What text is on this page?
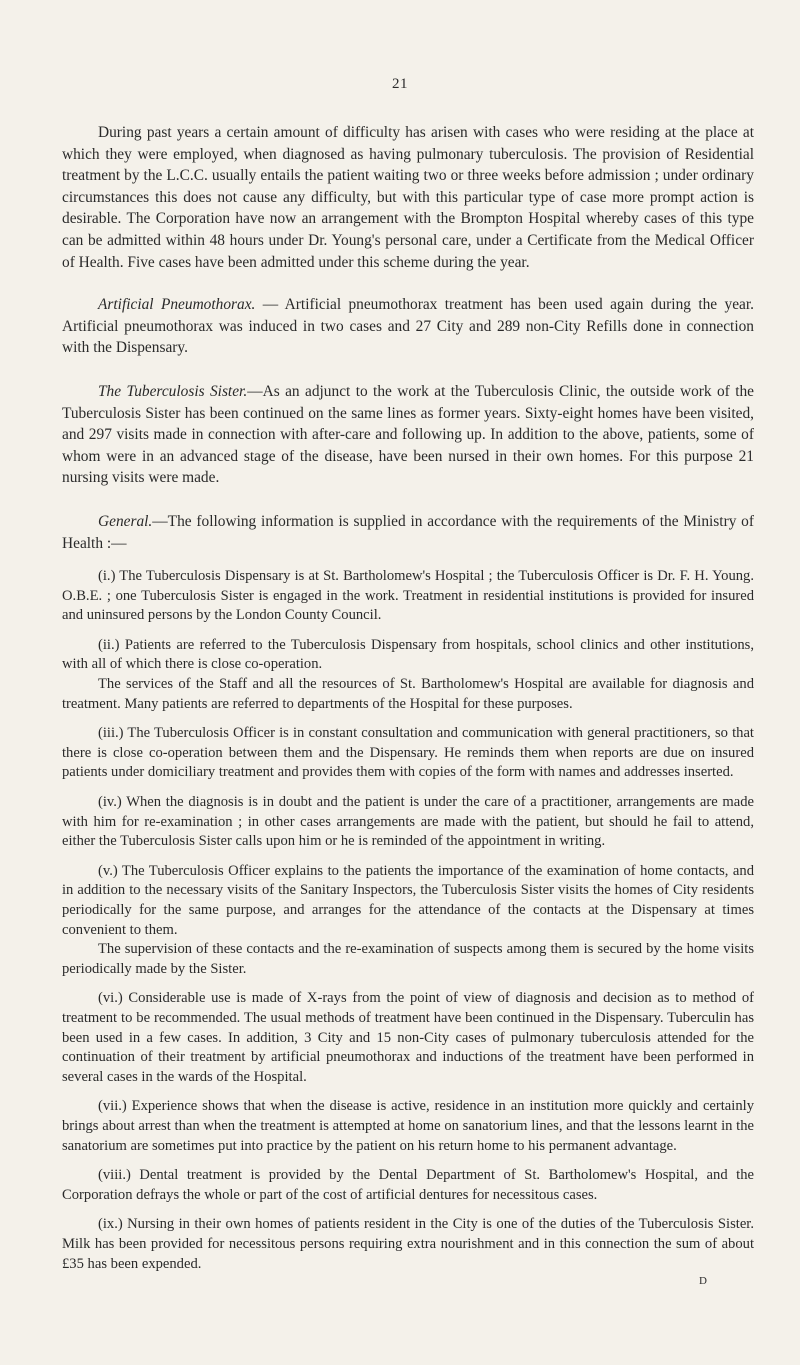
21

During past years a certain amount of difficulty has arisen with cases who were residing at the place at which they were employed, when diagnosed as having pulmonary tuberculosis. The provision of Residential treatment by the L.C.C. usually entails the patient waiting two or three weeks before admission ; under ordinary circumstances this does not cause any difficulty, but with this particular type of case more prompt action is desirable. The Corporation have now an arrangement with the Brompton Hospital whereby cases of this type can be admitted within 48 hours under Dr. Young's personal care, under a Certificate from the Medical Officer of Health. Five cases have been admitted under this scheme during the year.

Artificial Pneumothorax. — Artificial pneumothorax treatment has been used again during the year. Artificial pneumothorax was induced in two cases and 27 City and 289 non-City Refills done in connection with the Dispensary.

The Tuberculosis Sister.—As an adjunct to the work at the Tuberculosis Clinic, the outside work of the Tuberculosis Sister has been continued on the same lines as former years. Sixty-eight homes have been visited, and 297 visits made in connection with after-care and following up. In addition to the above, patients, some of whom were in an advanced stage of the disease, have been nursed in their own homes. For this purpose 21 nursing visits were made.

General.—The following information is supplied in accordance with the requirements of the Ministry of Health :—

(i.) The Tuberculosis Dispensary is at St. Bartholomew's Hospital ; the Tuberculosis Officer is Dr. F. H. Young. O.B.E. ; one Tuberculosis Sister is engaged in the work. Treatment in residential institutions is provided for insured and uninsured persons by the London County Council.

(ii.) Patients are referred to the Tuberculosis Dispensary from hospitals, school clinics and other institutions, with all of which there is close co-operation.

The services of the Staff and all the resources of St. Bartholomew's Hospital are available for diagnosis and treatment. Many patients are referred to departments of the Hospital for these purposes.

(iii.) The Tuberculosis Officer is in constant consultation and communication with general practitioners, so that there is close co-operation between them and the Dispensary. He reminds them when reports are due on insured patients under domiciliary treatment and provides them with copies of the form with names and addresses inserted.

(iv.) When the diagnosis is in doubt and the patient is under the care of a practitioner, arrangements are made with him for re-examination ; in other cases arrangements are made with the patient, but should he fail to attend, either the Tuberculosis Sister calls upon him or he is reminded of the appointment in writing.

(v.) The Tuberculosis Officer explains to the patients the importance of the examination of home contacts, and in addition to the necessary visits of the Sanitary Inspectors, the Tuberculosis Sister visits the homes of City residents periodically for the same purpose, and arranges for the attendance of the contacts at the Dispensary at times convenient to them.

The supervision of these contacts and the re-examination of suspects among them is secured by the home visits periodically made by the Sister.

(vi.) Considerable use is made of X-rays from the point of view of diagnosis and decision as to method of treatment to be recommended. The usual methods of treatment have been continued in the Dispensary. Tuberculin has been used in a few cases. In addition, 3 City and 15 non-City cases of pulmonary tuberculosis attended for the continuation of their treatment by artificial pneumothorax and inductions of the treatment have been performed in several cases in the wards of the Hospital.

(vii.) Experience shows that when the disease is active, residence in an institution more quickly and certainly brings about arrest than when the treatment is attempted at home on sanatorium lines, and that the lessons learnt in the sanatorium are sometimes put into practice by the patient on his return home to his permanent advantage.

(viii.) Dental treatment is provided by the Dental Department of St. Bartholomew's Hospital, and the Corporation defrays the whole or part of the cost of artificial dentures for necessitous cases.

(ix.) Nursing in their own homes of patients resident in the City is one of the duties of the Tuberculosis Sister. Milk has been provided for necessitous persons requiring extra nourishment and in this connection the sum of about £35 has been expended.

D
